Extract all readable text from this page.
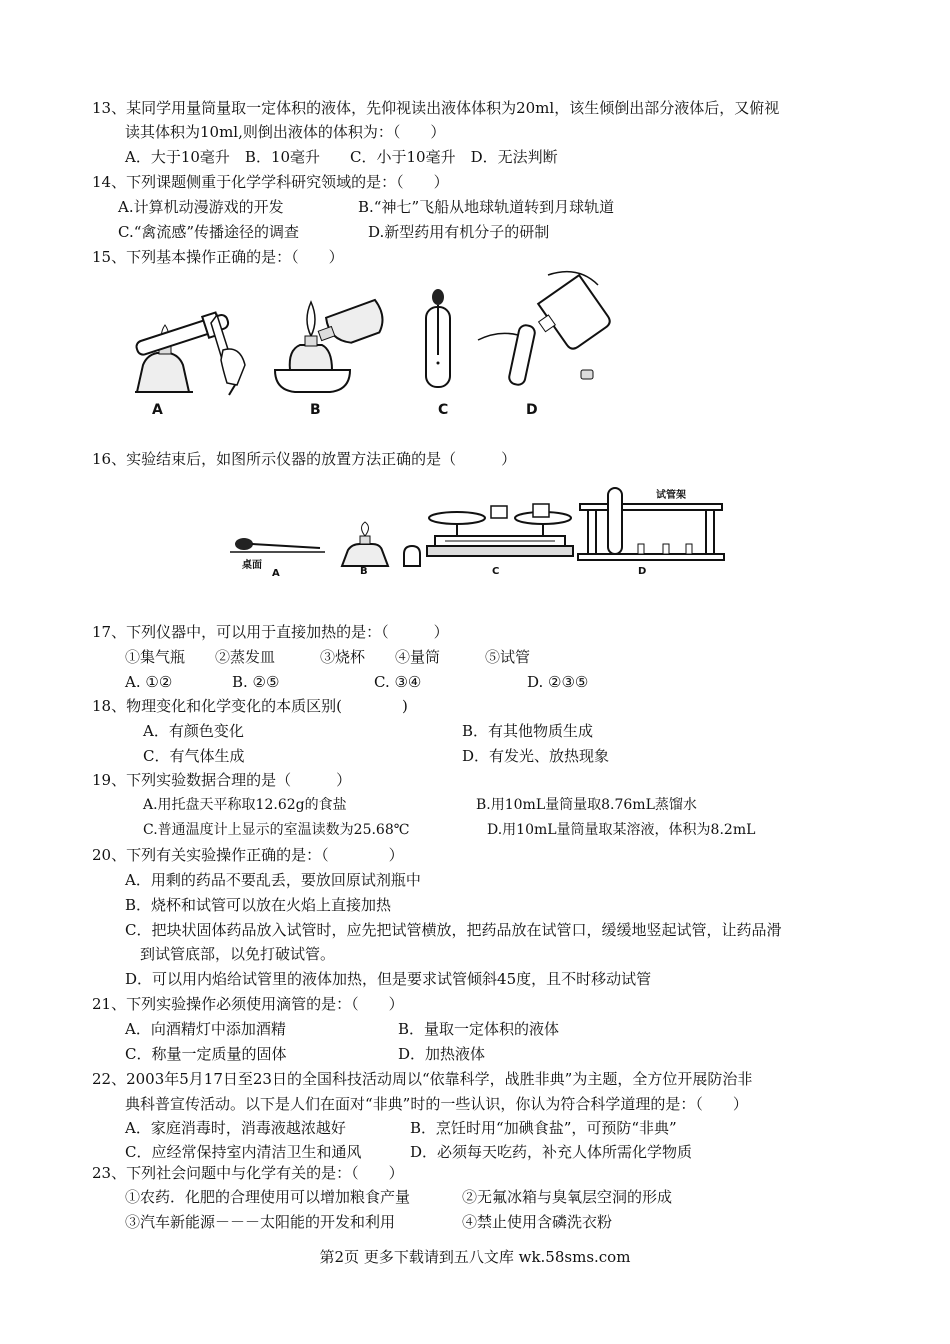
13、某同学用量筒量取一定体积的液体，先仰视读出液体体积为20ml，该生倾倒出部分液体后，又俯视
读其体积为10ml,则倒出液体的体积为：（　　）
A．大于10毫升　B．10毫升　　C．小于10毫升　D．无法判断
14、下列课题侧重于化学学科研究领域的是：（　　）
A.计算机动漫游戏的开发	B.“神七”飞船从地球轨道转到月球轨道
C.“禽流感”传播途径的调查	D.新型药用有机分子的研制
15、下列基本操作正确的是：（　　）
A	B	C	D
16、实验结束后，如图所示仪器的放置方法正确的是（　　　）
桌面
A	B	C
试管架
D
17、下列仪器中，可以用于直接加热的是：（　　　）
①集气瓶　　②蒸发皿　　　③烧杯　　④量筒　　　⑤试管
A. ①②	B. ②⑤	C. ③④	D. ②③⑤
18、物理变化和化学变化的本质区别(　　　　)
A．有颜色变化	B．有其他物质生成
C．有气体生成	D．有发光、放热现象
19、下列实验数据合理的是（　　　）
A.用托盘天平称取12.62g的食盐	B.用10mL量筒量取8.76mL蒸馏水
C.普通温度计上显示的室温读数为25.68℃	D.用10mL量筒量取某溶液，体积为8.2mL
20、下列有关实验操作正确的是：（　　　　）
A．用剩的药品不要乱丢，要放回原试剂瓶中
B．烧杯和试管可以放在火焰上直接加热
C．把块状固体药品放入试管时，应先把试管横放，把药品放在试管口，缓缓地竖起试管，让药品滑
到试管底部，以免打破试管。
D．可以用内焰给试管里的液体加热，但是要求试管倾斜45度，且不时移动试管
21、下列实验操作必须使用滴管的是：（　　）
A．向酒精灯中添加酒精	B．量取一定体积的液体
C．称量一定质量的固体	D．加热液体
22、2003年5月17日至23日的全国科技活动周以“依靠科学，战胜非典”为主题，全方位开展防治非
典科普宣传活动。以下是人们在面对“非典”时的一些认识，你认为符合科学道理的是：（　　）
A．家庭消毒时，消毒液越浓越好	B．烹饪时用“加碘食盐”，可预防“非典”
C．应经常保持室内清洁卫生和通风	D．必须每天吃药，补充人体所需化学物质
23、下列社会问题中与化学有关的是：（　　）
①农药．化肥的合理使用可以增加粮食产量	②无氟冰箱与臭氧层空洞的形成
③汽车新能源－－－太阳能的开发和利用	④禁止使用含磷洗衣粉
第2页 更多下载请到五八文库 wk.58sms.com
